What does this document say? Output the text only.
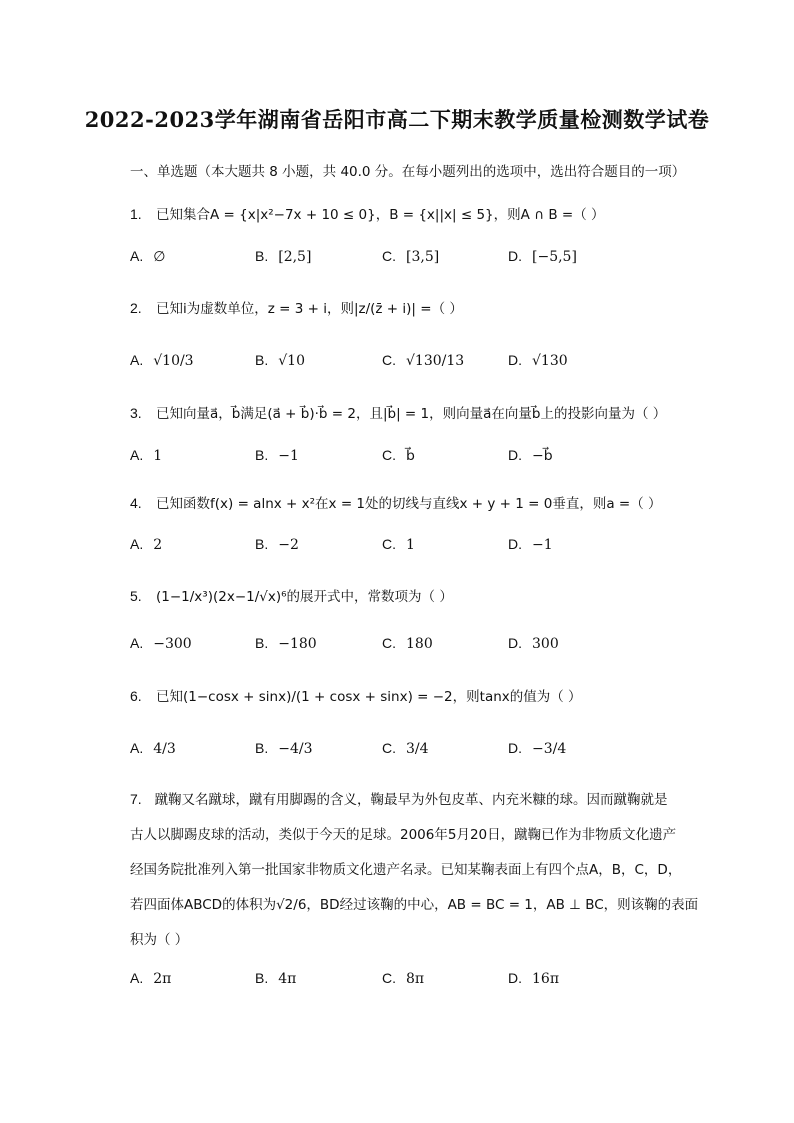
2022-2023学年湖南省岳阳市高二下期末教学质量检测数学试卷
一、单选题（本大题共 8 小题，共 40.0 分。在每小题列出的选项中，选出符合题目的一项）
1. 已知集合A = {x|x²−7x + 10 ≤ 0}，B = {x||x| ≤ 5}，则A ∩ B =（ ）
A. ∅	B. [2,5]	C. [3,5]	D. [−5,5]
2. 已知i为虚数单位，z = 3 + i，则|z/(z̄ + i)| =（ ）
A. √10/3	B. √10	C. √130/13	D. √130
3. 已知向量a⃗，b⃗满足(a⃗ + b⃗)·b⃗ = 2，且|b⃗| = 1，则向量a⃗在向量b⃗上的投影向量为（ ）
A. 1	B. −1	C. b⃗	D. −b⃗
4. 已知函数f(x) = alnx + x²在x = 1处的切线与直线x + y + 1 = 0垂直，则a =（ ）
A. 2	B. −2	C. 1	D. −1
5. (1−1/x³)(2x−1/√x)⁶的展开式中，常数项为（ ）
A. −300	B. −180	C. 180	D. 300
6. 已知(1−cosx + sinx)/(1 + cosx + sinx) = −2，则tanx的值为（ ）
A. 4/3	B. −4/3	C. 3/4	D. −3/4
7. 蹴鞠又名蹴球，蹴有用脚踢的含义，鞠最早为外包皮革、内充米糠的球。因而蹴鞠就是
古人以脚踢皮球的活动，类似于今天的足球。2006年5月20日，蹴鞠已作为非物质文化遗产
经国务院批准列入第一批国家非物质文化遗产名录。已知某鞠表面上有四个点A，B，C，D，
若四面体ABCD的体积为√2/6，BD经过该鞠的中心，AB = BC = 1，AB ⊥ BC，则该鞠的表面
积为（ ）
A. 2π	B. 4π	C. 8π	D. 16π
